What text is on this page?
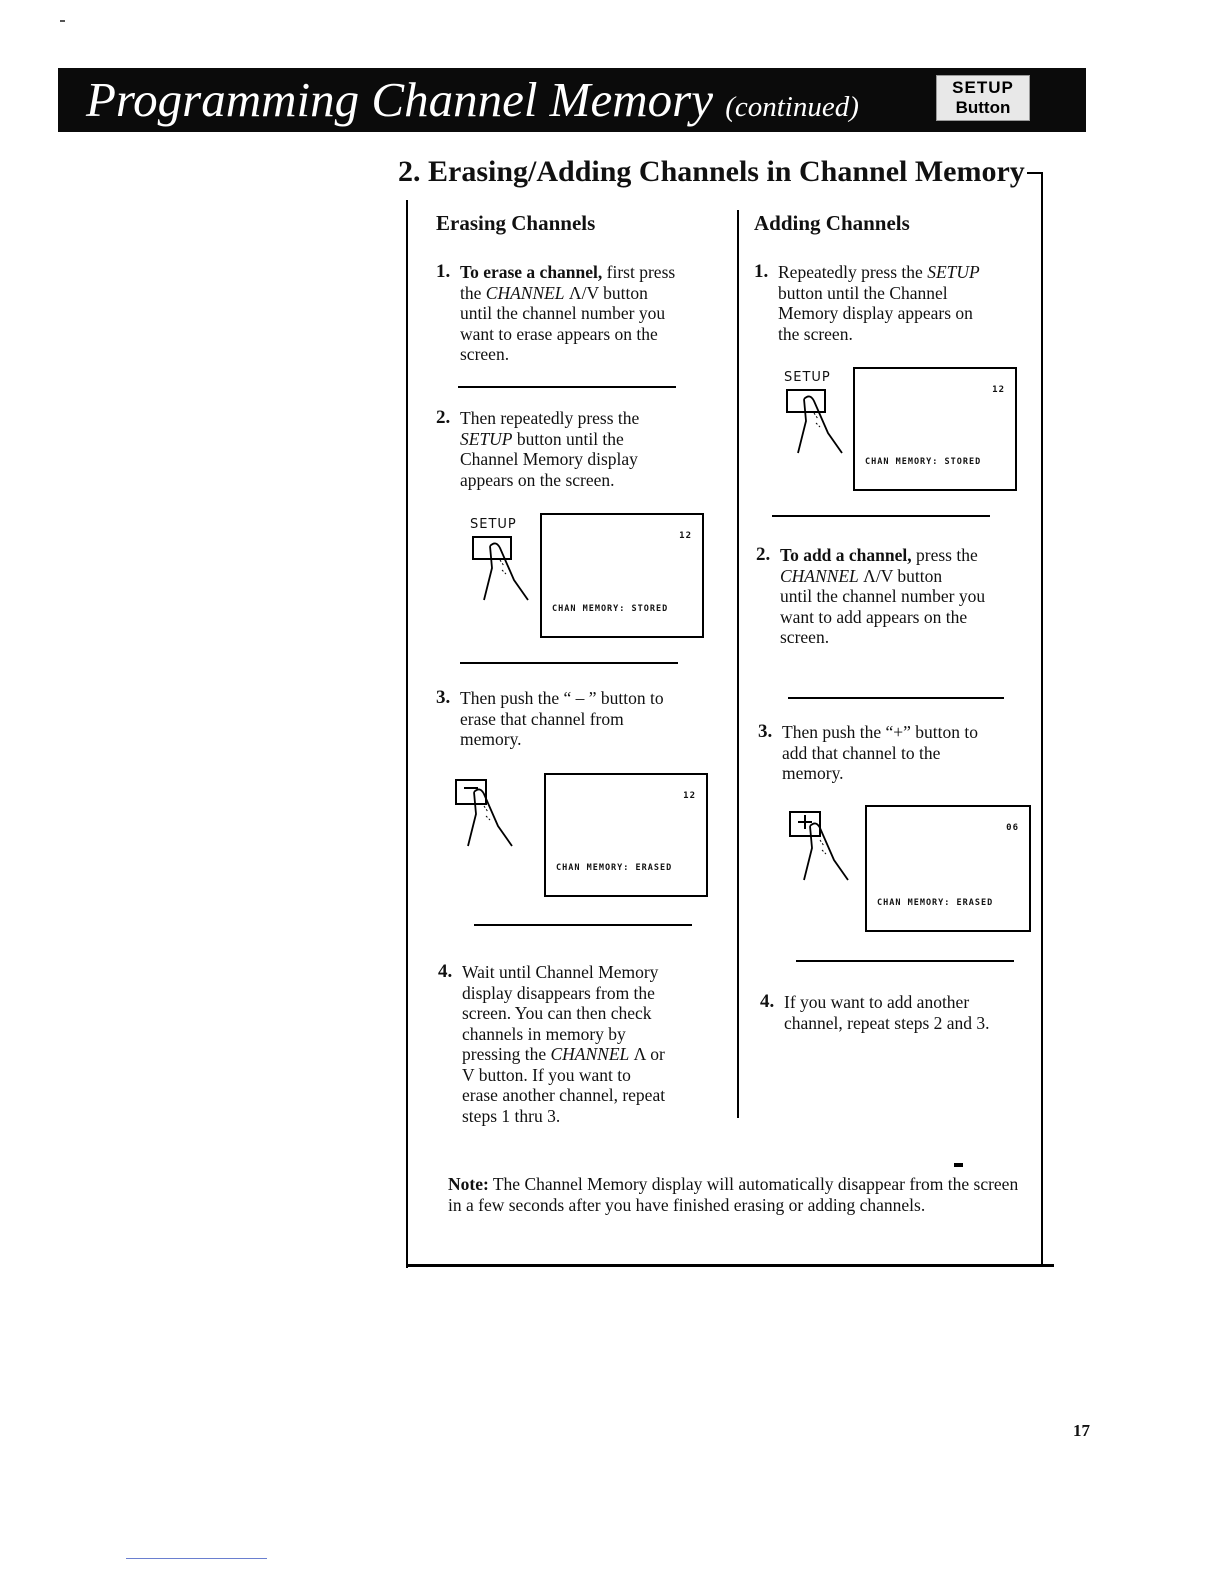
Programming Channel Memory (continued)
SETUP
Button
2. Erasing/Adding Channels in Channel Memory
Erasing Channels
1. To erase a channel, first press
the CHANNEL Λ/V button
until the channel number you
want to erase appears on the
screen.
2. Then repeatedly press the
SETUP button until the
Channel Memory display
appears on the screen.
SETUP
12
CHAN MEMORY: STORED
3. Then push the “ – ” button to
erase that channel from
memory.
12
CHAN MEMORY: ERASED
4. Wait until Channel Memory
display disappears from the
screen. You can then check
channels in memory by
pressing the CHANNEL Λ or
V button. If you want to
erase another channel, repeat
steps 1 thru 3.
Adding Channels
1. Repeatedly press the SETUP
button until the Channel
Memory display appears on
the screen.
SETUP
12
CHAN MEMORY: STORED
2. To add a channel, press the
CHANNEL Λ/V button
until the channel number you
want to add appears on the
screen.
3. Then push the “+” button to
add that channel to the
memory.
06
CHAN MEMORY: ERASED
4. If you want to add another
channel, repeat steps 2 and 3.
Note: The Channel Memory display will automatically disappear from the screen in a few seconds after you have finished erasing or adding channels.
17
